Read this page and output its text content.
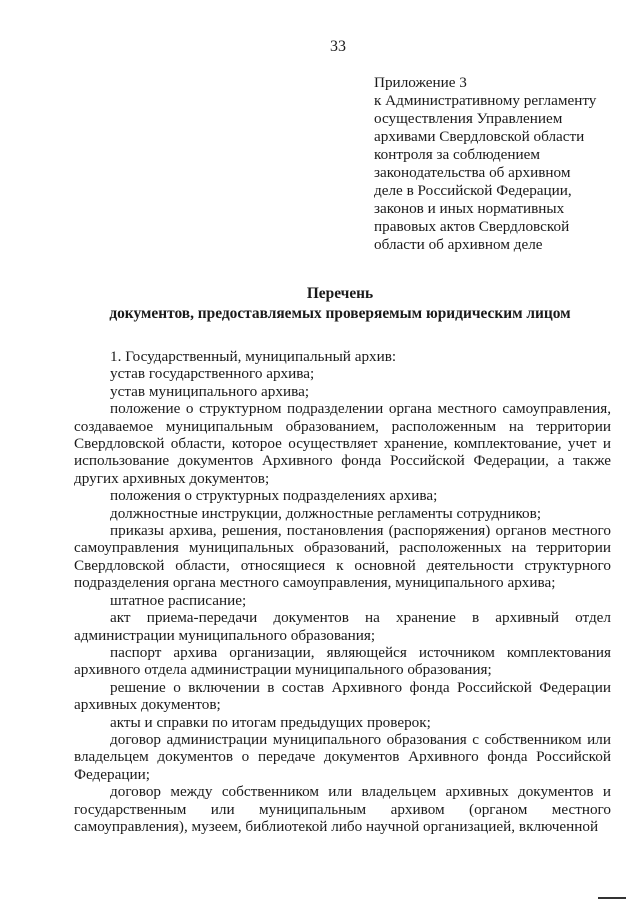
33
Приложение 3
к Административному регламенту
осуществления Управлением
архивами Свердловской области
контроля за соблюдением
законодательства об архивном
деле в Российской Федерации,
законов и иных нормативных
правовых актов Свердловской
области об архивном деле
Перечень
документов, предоставляемых проверяемым юридическим лицом

1. Государственный, муниципальный архив:

устав государственного архива;

устав муниципального архива;

положение о структурном подразделении органа местного самоуправления, создаваемое муниципальным образованием, расположенным на территории Свердловской области, которое осуществляет хранение, комплектование, учет и использование документов Архивного фонда Российской Федерации, а также других архивных документов;

положения о структурных подразделениях архива;

должностные инструкции, должностные регламенты сотрудников;

приказы архива, решения, постановления (распоряжения) органов местного самоуправления муниципальных образований, расположенных на территории Свердловской области, относящиеся к основной деятельности структурного подразделения органа местного самоуправления, муниципального архива;

штатное расписание;

акт приема-передачи документов на хранение в архивный отдел администрации муниципального образования;

паспорт архива организации, являющейся источником комплектования архивного отдела администрации муниципального образования;

решение о включении в состав Архивного фонда Российской Федерации архивных документов;

акты и справки по итогам предыдущих проверок;

договор администрации муниципального образования с собственником или владельцем документов о передаче документов Архивного фонда Российской Федерации;

договор между собственником или владельцем архивных документов и государственным или муниципальным архивом (органом местного самоуправления), музеем, библиотекой либо научной организацией, включенной
